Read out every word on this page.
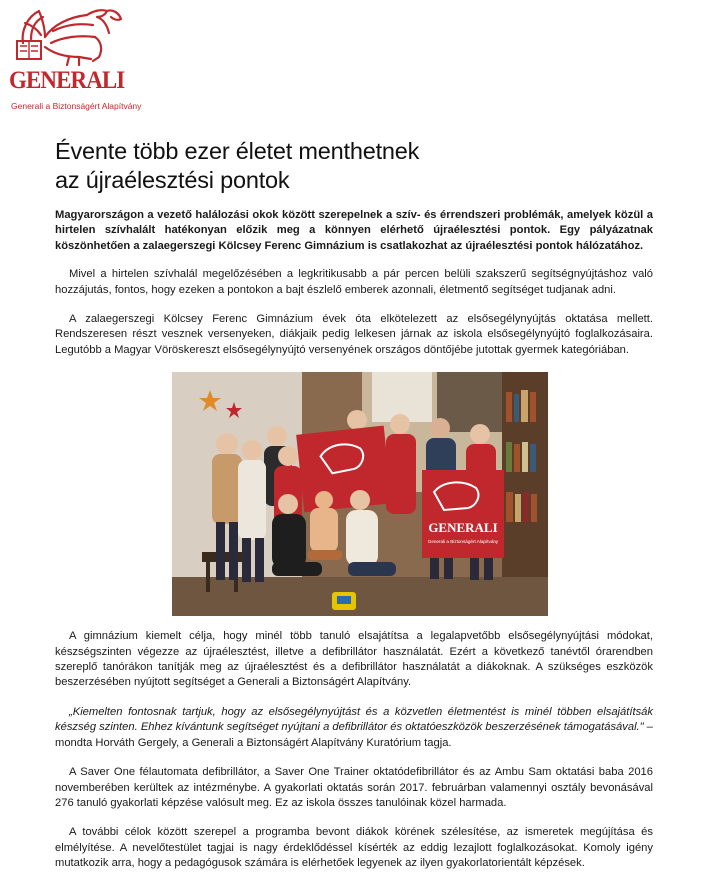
GENERALI
Generali a Biztonságért Alapítvány
Évente több ezer életet menthetnek
az újraélesztési pontok

Magyarországon a vezető halálozási okok között szerepelnek a szív- és érrendszeri problémák, amelyek közül a hirtelen szívhalált hatékonyan előzik meg a könnyen elérhető újraélesztési pontok. Egy pályázatnak köszönhetően a zalaegerszegi Kölcsey Ferenc Gimnázium is csatlakozhat az újraélesztési pontok hálózatához.

Mivel a hirtelen szívhalál megelőzésében a legkritikusabb a pár percen belüli szakszerű segítségnyújtáshoz való hozzájutás, fontos, hogy ezeken a pontokon a bajt észlelő emberek azonnali, életmentő segítséget tudjanak adni.

A zalaegerszegi Kölcsey Ferenc Gimnázium évek óta elkötelezett az elsősegélynyújtás oktatása mellett. Rendszeresen részt vesznek versenyeken, diákjaik pedig lelkesen járnak az iskola elsősegélynyújtó foglalkozásaira. Legutóbb a Magyar Vöröskereszt elsősegélynyújtó versenyének országos döntőjébe jutottak gyermek kategóriában.

GENERALI
Generali a Biztonságért Alapítvány

A gimnázium kiemelt célja, hogy minél több tanuló elsajátítsa a legalapvetőbb elsősegélynyújtási módokat, készségszinten végezze az újraélesztést, illetve a defibrillátor használatát. Ezért a következő tanévtől órarendben szereplő tanórákon tanítják meg az újraélesztést és a defibrillátor használatát a diákoknak. A szükséges eszközök beszerzésében nyújtott segítséget a Generali a Biztonságért Alapítvány.

„Kiemelten fontosnak tartjuk, hogy az elsősegélynyújtást és a közvetlen életmentést is minél többen elsajátítsák készség szinten. Ehhez kívántunk segítséget nyújtani a defibrillátor és oktatóeszközök beszerzésének támogatásával." – mondta Horváth Gergely, a Generali a Biztonságért Alapítvány Kuratórium tagja.

A Saver One félautomata defibrillátor, a Saver One Trainer oktatódefibrillátor és az Ambu Sam oktatási baba 2016 novemberében kerültek az intézménybe. A gyakorlati oktatás során 2017. februárban valamennyi osztály bevonásával 276 tanuló gyakorlati képzése valósult meg. Ez az iskola összes tanulóinak közel harmada.

A további célok között szerepel a programba bevont diákok körének szélesítése, az ismeretek megújítása és elmélyítése. A nevelőtestület tagjai is nagy érdeklődéssel kísérték az eddig lezajlott foglalkozásokat. Komoly igény mutatkozik arra, hogy a pedagógusok számára is elérhetőek legyenek az ilyen gyakorlatorientált képzések.
